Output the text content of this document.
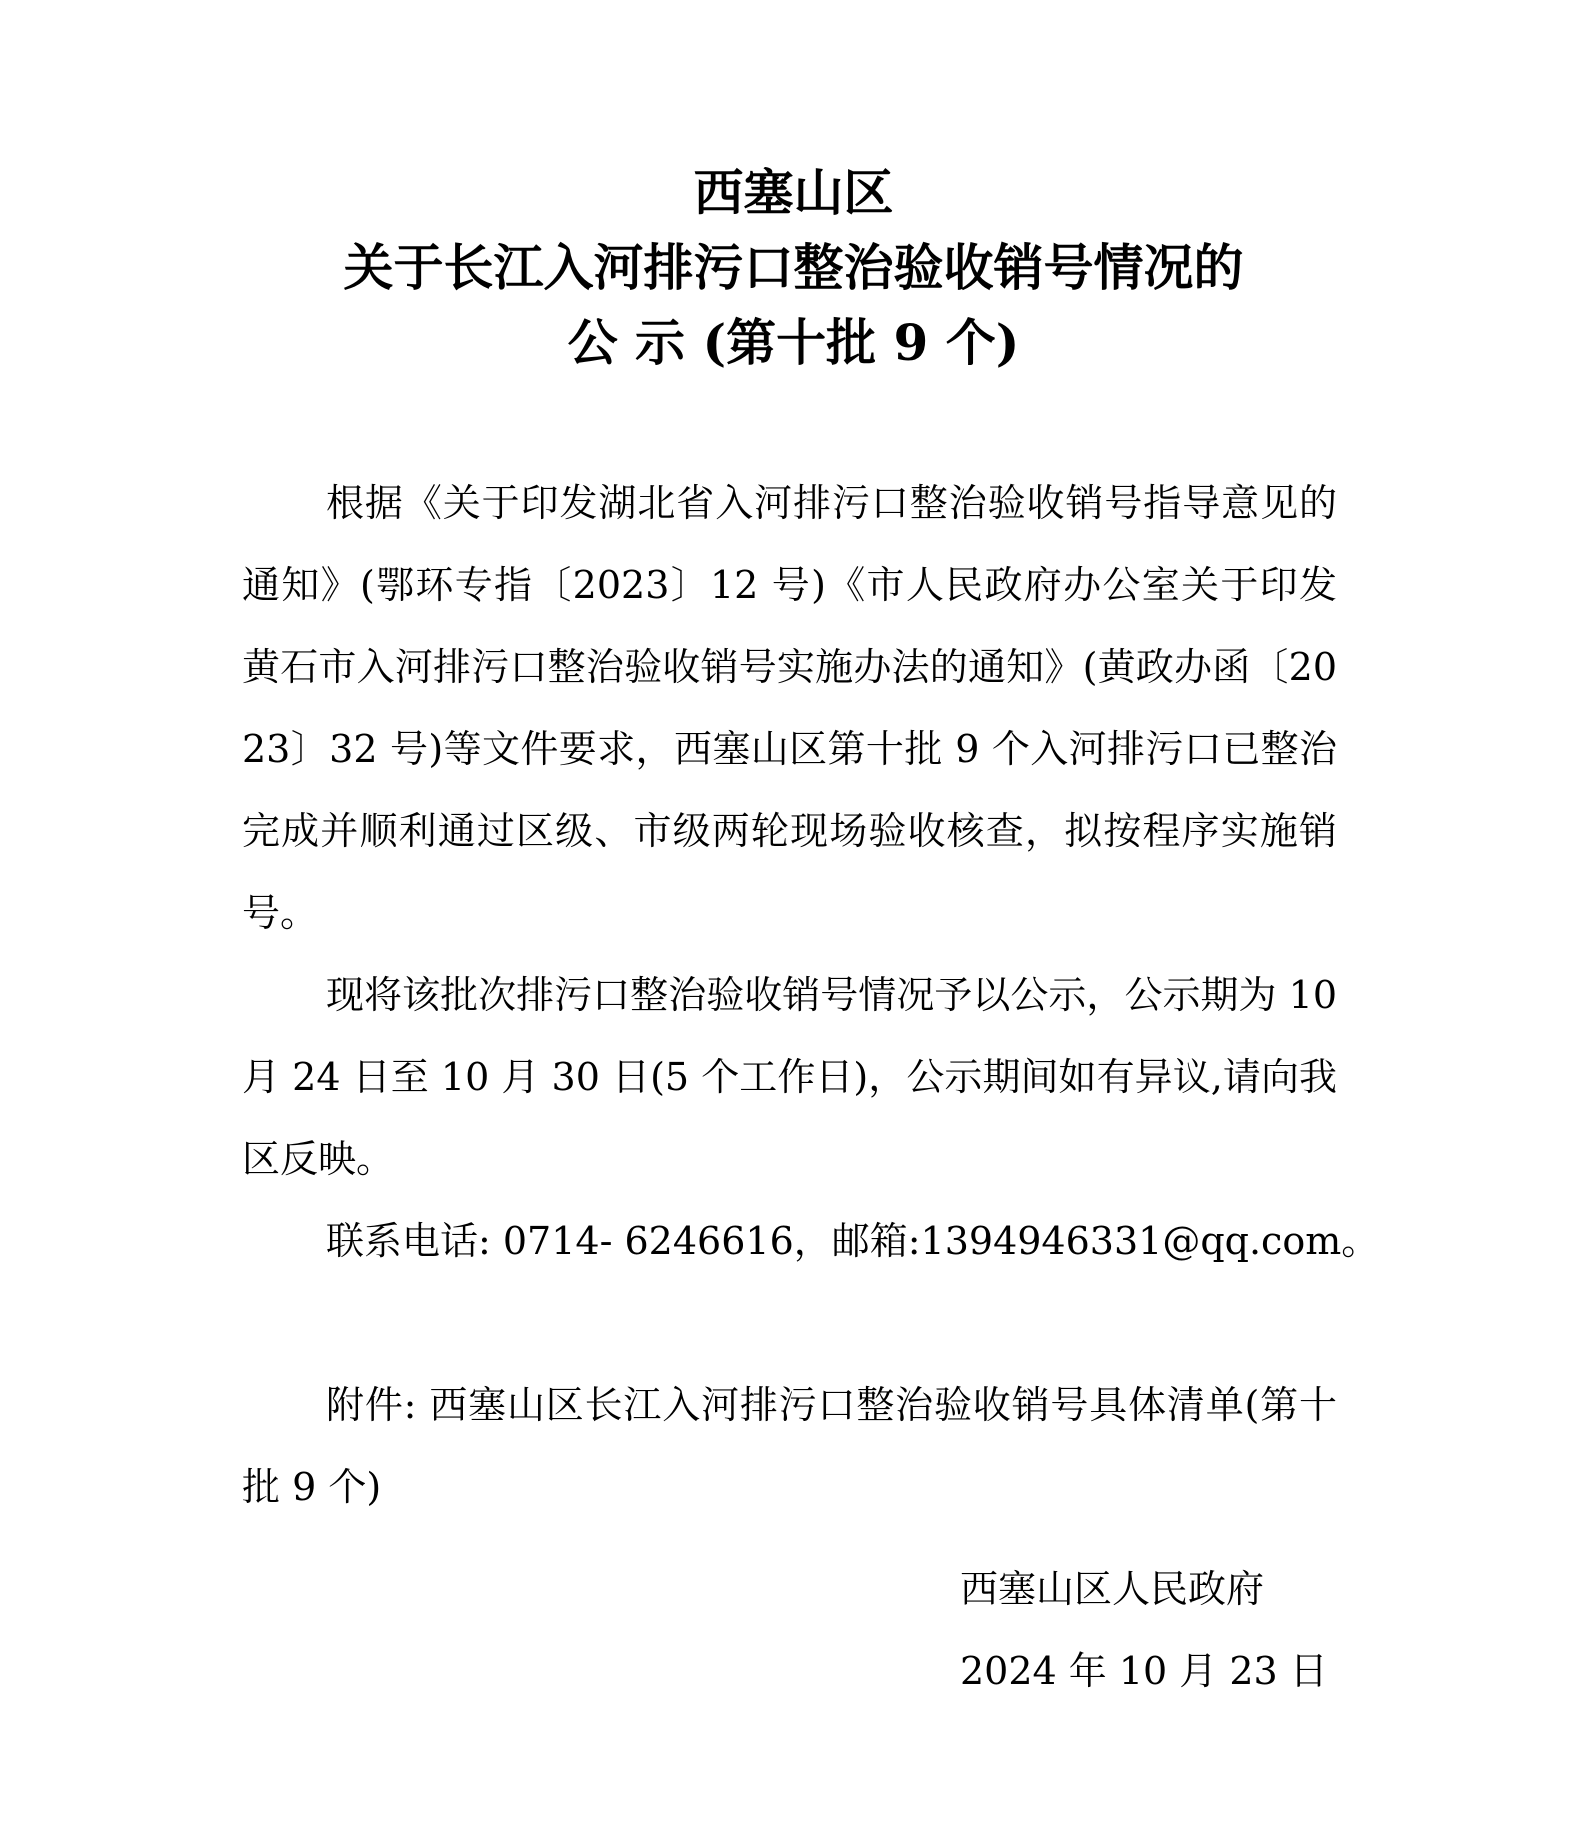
西塞山区
关于长江入河排污口整治验收销号情况的
公 示 (第十批 9 个)

根据《关于印发湖北省入河排污口整治验收销号指导意见的通知》(鄂环专指〔2023〕12 号)《市人民政府办公室关于印发黄石市入河排污口整治验收销号实施办法的通知》(黄政办函〔2023〕32 号)等文件要求，西塞山区第十批 9 个入河排污口已整治完成并顺利通过区级、市级两轮现场验收核查，拟按程序实施销号。

现将该批次排污口整治验收销号情况予以公示，公示期为 10 月 24 日至 10 月 30 日(5 个工作日)，公示期间如有异议,请向我区反映。

联系电话: 0714- 6246616，邮箱:1394946331@qq.com。

附件: 西塞山区长江入河排污口整治验收销号具体清单(第十批 9 个)

西塞山区人民政府
2024 年 10 月 23 日
